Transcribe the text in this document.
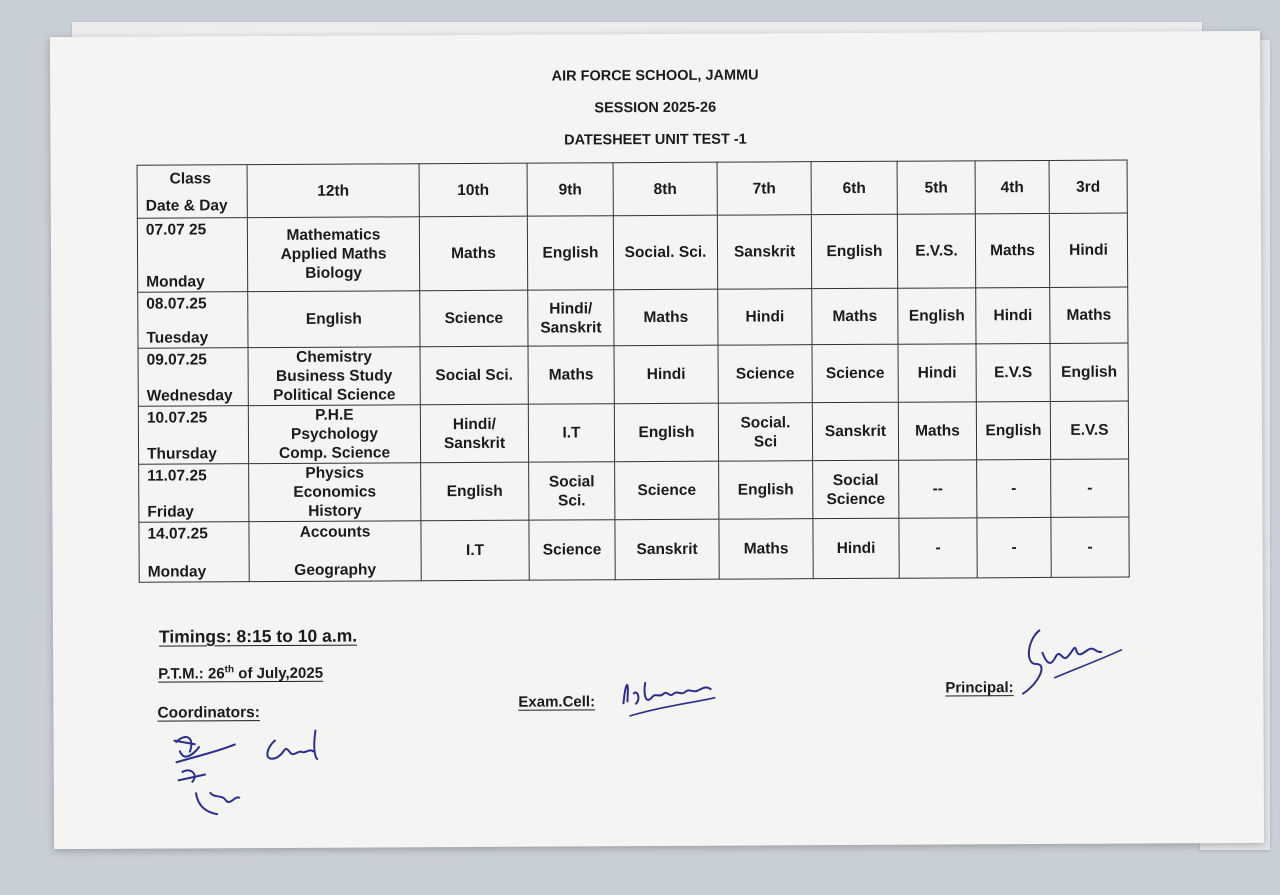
AIR FORCE SCHOOL, JAMMU
SESSION 2025-26
DATESHEET UNIT TEST -1
Class
Date & Day	12th	10th	9th	8th	7th	6th	5th	4th	3rd

07.07 25
Monday	Mathematics
Applied Maths
Biology	Maths	English	Social. Sci.	Sanskrit	English	E.V.S.	Maths	Hindi

08.07.25
Tuesday	English	Science	Hindi/
Sanskrit	Maths	Hindi	Maths	English	Hindi	Maths

09.07.25
Wednesday	Chemistry
Business Study
Political Science	Social Sci.	Maths	Hindi	Science	Science	Hindi	E.V.S	English

10.07.25
Thursday	P.H.E
Psychology
Comp. Science	Hindi/
Sanskrit	I.T	English	Social.
Sci	Sanskrit	Maths	English	E.V.S

11.07.25
Friday	Physics
Economics
History	English	Social
Sci.	Science	English	Social
Science	--	-	-

14.07.25
Monday	Accounts
Geography	I.T	Science	Sanskrit	Maths	Hindi	-	-	-
Timings: 8:15 to 10 a.m.
P.T.M.: 26th of July,2025
Coordinators:
Exam.Cell:
Principal:
